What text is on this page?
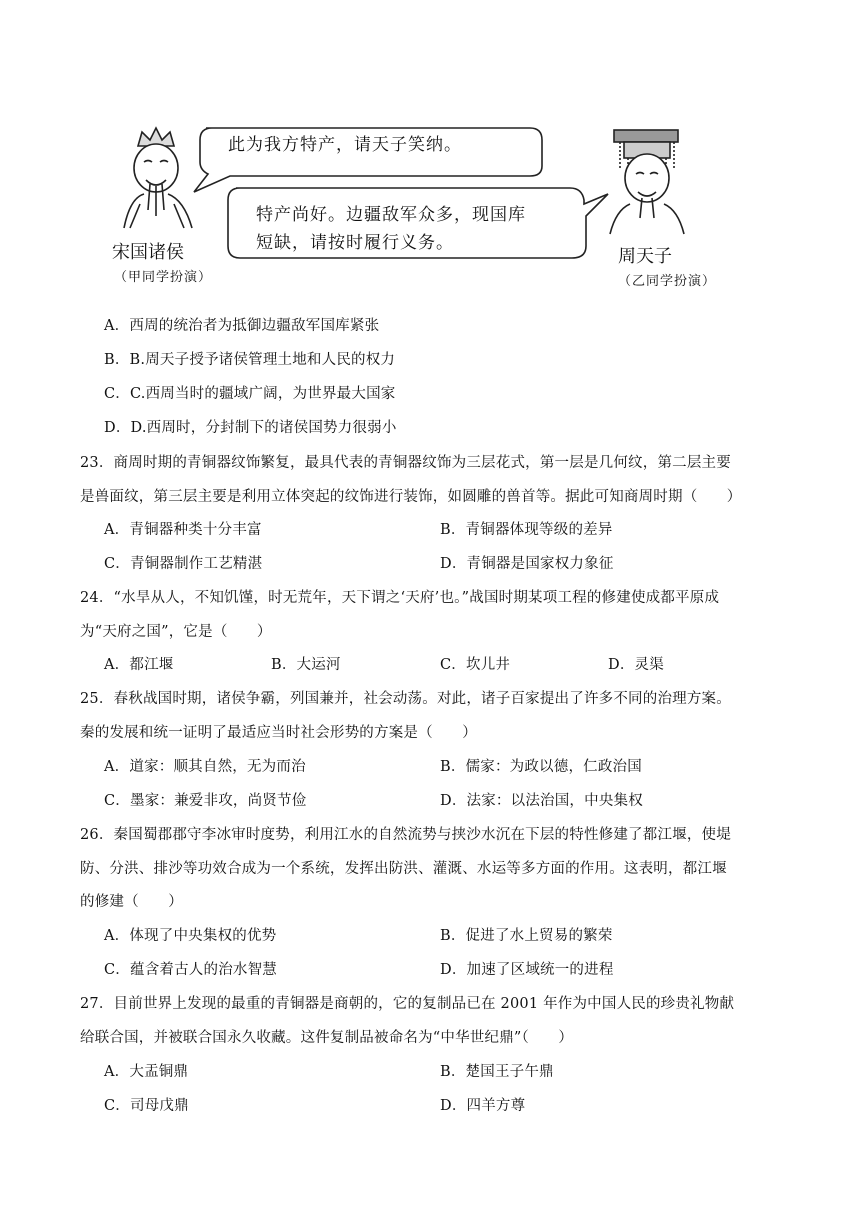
此为我方特产，请天子笑纳。
特产尚好。边疆敌军众多，现国库
短缺，请按时履行义务。
宋国诸侯
（甲同学扮演）
周天子
（乙同学扮演）
A．西周的统治者为抵御边疆敌军国库紧张
B．B.周天子授予诸侯管理土地和人民的权力
C．C.西周当时的疆域广阔，为世界最大国家
D．D.西周时，分封制下的诸侯国势力很弱小
23．商周时期的青铜器纹饰繁复，最具代表的青铜器纹饰为三层花式，第一层是几何纹，第二层主要
是兽面纹，第三层主要是利用立体突起的纹饰进行装饰，如圆雕的兽首等。据此可知商周时期（　　）
A．青铜器种类十分丰富	B．青铜器体现等级的差异
C．青铜器制作工艺精湛	D．青铜器是国家权力象征
24．“水旱从人，不知饥馑，时无荒年，天下谓之‘天府’也。”战国时期某项工程的修建使成都平原成
为“天府之国”，它是（　　）
A．都江堰	B．大运河	C．坎儿井	D．灵渠
25．春秋战国时期，诸侯争霸，列国兼并，社会动荡。对此，诸子百家提出了许多不同的治理方案。
秦的发展和统一证明了最适应当时社会形势的方案是（　　）
A．道家：顺其自然，无为而治	B．儒家：为政以德，仁政治国
C．墨家：兼爱非攻，尚贤节俭	D．法家：以法治国，中央集权
26．秦国蜀郡郡守李冰审时度势，利用江水的自然流势与挟沙水沉在下层的特性修建了都江堰，使堤
防、分洪、排沙等功效合成为一个系统，发挥出防洪、灌溉、水运等多方面的作用。这表明，都江堰
的修建（　　）
A．体现了中央集权的优势	B．促进了水上贸易的繁荣
C．蕴含着古人的治水智慧	D．加速了区域统一的进程
27．目前世界上发现的最重的青铜器是商朝的，它的复制品已在 2001 年作为中国人民的珍贵礼物献
给联合国，并被联合国永久收藏。这件复制品被命名为“中华世纪鼎”（　　）
A．大盂铜鼎	B．楚国王子午鼎
C．司母戊鼎	D．四羊方尊
